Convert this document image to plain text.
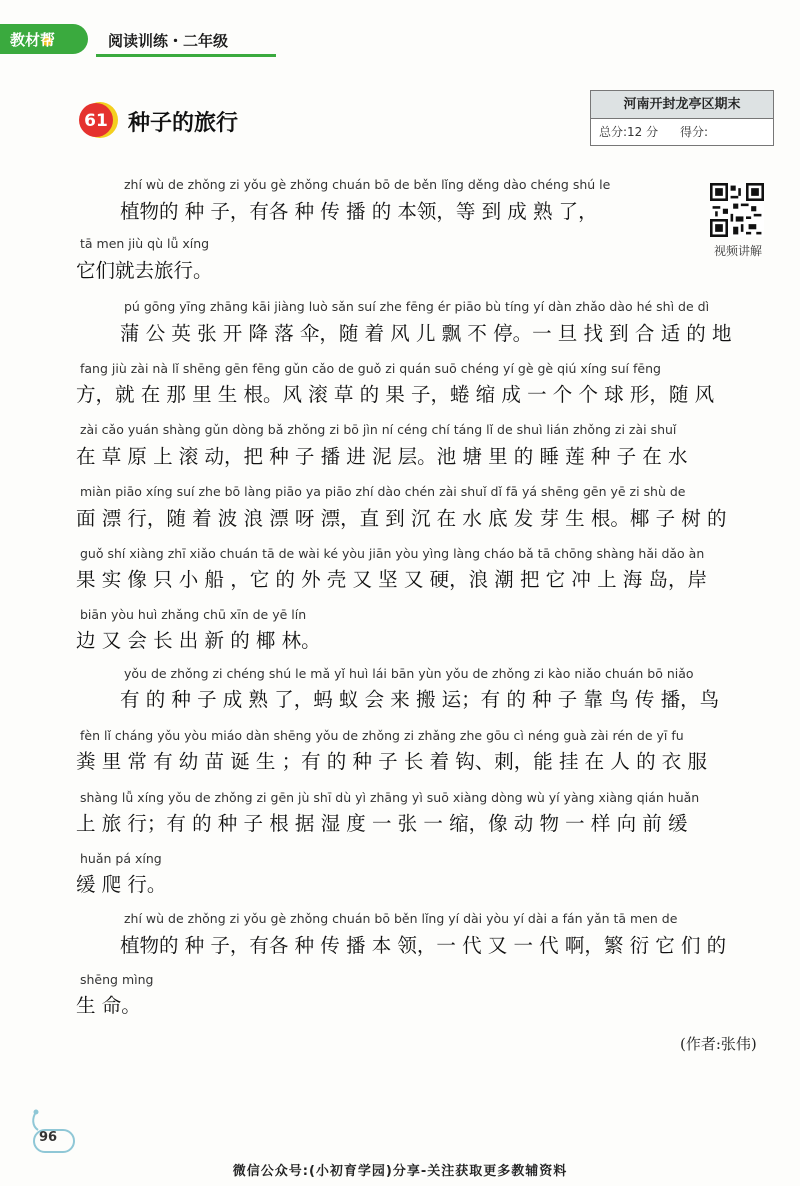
教材帮	阅读训练・二年级
61 种子的旅行
河南开封龙亭区期末
总分:12 分 得分:
视频讲解
zhí wù de zhǒng zi yǒu gè zhǒng chuán bō de běn lǐng děng dào chéng shú le
植物的 种 子，有各 种 传 播 的 本领，等 到 成 熟 了，
tā men jiù qù lǚ xíng
它们就去旅行。
pú gōng yīng zhāng kāi jiàng luò sǎn suí zhe fēng ér piāo bù tíng yí dàn zhǎo dào hé shì de dì
蒲 公 英 张 开 降 落 伞，随 着 风 儿 飘 不 停。一 旦 找 到 合 适 的 地
fang jiù zài nà lǐ shēng gēn fēng gǔn cǎo de guǒ zi quán suō chéng yí gè gè qiú xíng suí fēng
方，就 在 那 里 生 根。风 滚 草 的 果 子，蜷 缩 成 一 个 个 球 形，随 风
zài cǎo yuán shàng gǔn dòng bǎ zhǒng zi bō jìn ní céng chí táng lǐ de shuì lián zhǒng zi zài shuǐ
在 草 原 上 滚 动，把 种 子 播 进 泥 层。池 塘 里 的 睡 莲 种 子 在 水
miàn piāo xíng suí zhe bō làng piāo ya piāo zhí dào chén zài shuǐ dǐ fā yá shēng gēn yē zi shù de
面 漂 行，随 着 波 浪 漂 呀 漂，直 到 沉 在 水 底 发 芽 生 根。椰 子 树 的
guǒ shí xiàng zhī xiǎo chuán tā de wài ké yòu jiān yòu yìng làng cháo bǎ tā chōng shàng hǎi dǎo àn
果 实 像 只 小 船 ，它 的 外 壳 又 坚 又 硬，浪 潮 把 它 冲 上 海 岛，岸
biān yòu huì zhǎng chū xīn de yē lín
边 又 会 长 出 新 的 椰 林。
yǒu de zhǒng zi chéng shú le mǎ yǐ huì lái bān yùn yǒu de zhǒng zi kào niǎo chuán bō niǎo
有 的 种 子 成 熟 了，蚂 蚁 会 来 搬 运；有 的 种 子 靠 鸟 传 播，鸟
fèn lǐ cháng yǒu yòu miáo dàn shēng yǒu de zhǒng zi zhǎng zhe gōu cì néng guà zài rén de yī fu
粪 里 常 有 幼 苗 诞 生 ；有 的 种 子 长 着 钩、刺，能 挂 在 人 的 衣 服
shàng lǚ xíng yǒu de zhǒng zi gēn jù shī dù yì zhāng yì suō xiàng dòng wù yí yàng xiàng qián huǎn
上 旅 行；有 的 种 子 根 据 湿 度 一 张 一 缩，像 动 物 一 样 向 前 缓
huǎn pá xíng
缓 爬 行。
zhí wù de zhǒng zi yǒu gè zhǒng chuán bō běn lǐng yí dài yòu yí dài a fán yǎn tā men de
植物的 种 子，有各 种 传 播 本 领，一 代 又 一 代 啊，繁 衍 它 们 的
shēng mìng
生 命。
(作者:张伟)
96
微信公众号:(小初育学园)分享-关注获取更多教辅资料
